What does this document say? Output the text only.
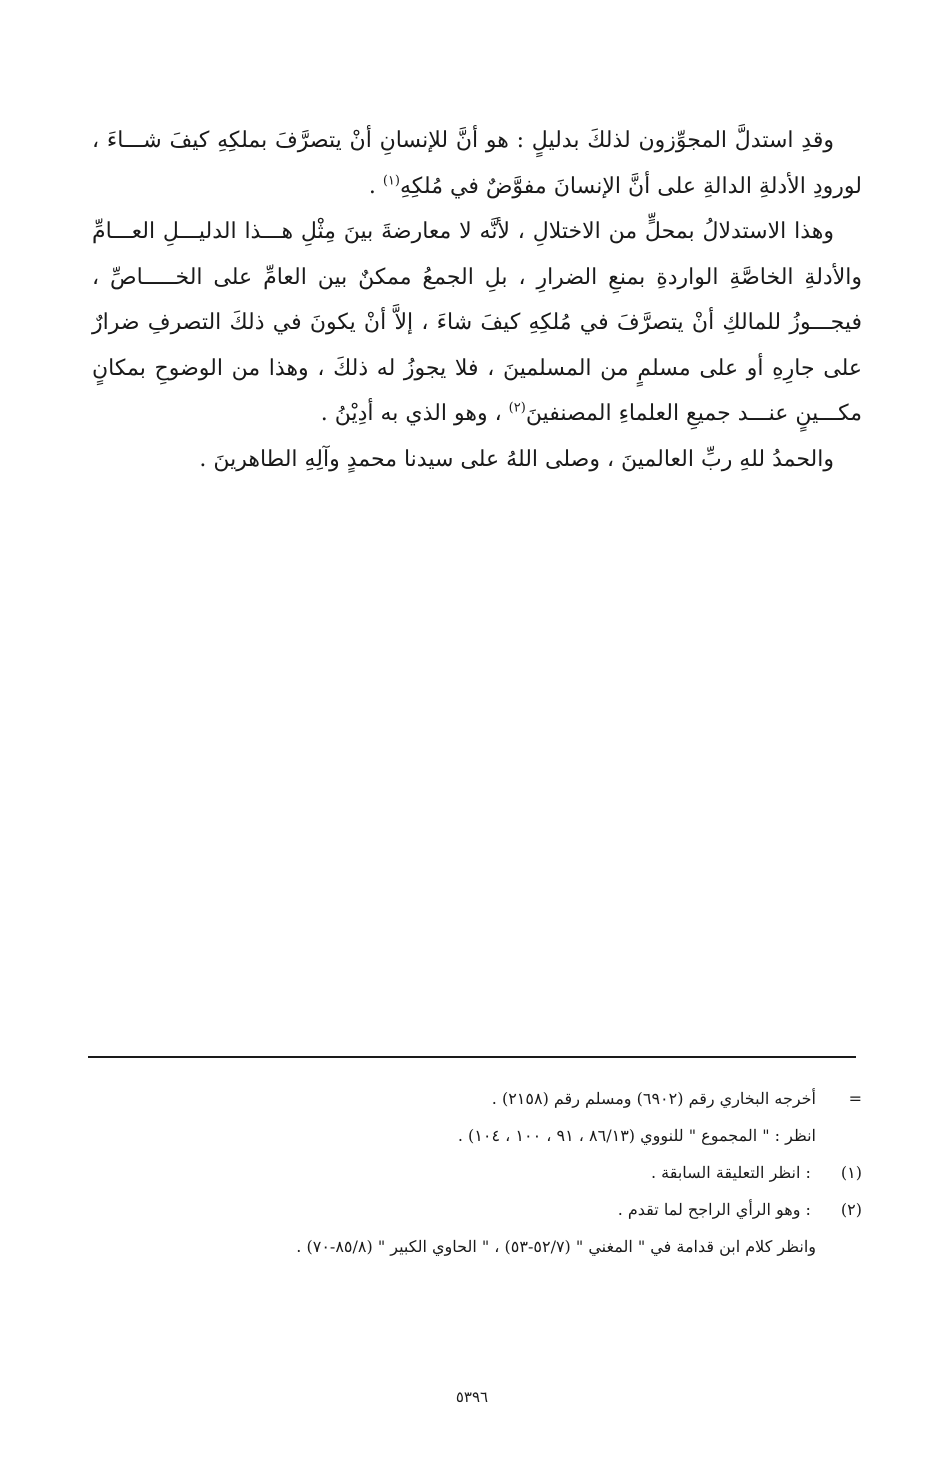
وقدِ استدلَّ المجوِّزون لذلكَ بدليلٍ : هو أنَّ للإنسانِ أنْ يتصرَّفَ بملكِهِ كيفَ شـــاءَ ، لورودِ الأدلةِ الدالةِ على أنَّ الإنسانَ مفوَّضٌ في مُلكِهِ$^{(١)}$ .

وهذا الاستدلالُ بمحلٍّ من الاختلالِ ، لأنَّه لا معارضةَ بينَ مِثْلِ هـــذا الدليـــلِ العـــامِّ والأدلةِ الخاصَّةِ الواردةِ بمنعِ الضرارِ ، بلِ الجمعُ ممكنٌ بين العامِّ على الخـــــاصِّ ، فيجـــوزُ للمالكِ أنْ يتصرَّفَ في مُلكِهِ كيفَ شاءَ ، إلاَّ أنْ يكونَ في ذلكَ التصرفِ ضرارٌ على جارِهِ أو على مسلمٍ من المسلمينَ ، فلا يجوزُ له ذلكَ ، وهذا من الوضوحِ بمكانٍ مكـــينٍ عنـــد جميعِ العلماءِ المصنفينَ$^{(٢)}$ ، وهو الذي به أدِيْنُ .

والحمدُ للهِ ربِّ العالمينَ ، وصلى اللهُ على سيدنا محمدٍ وآلِهِ الطاهرينَ .

=أخرجه البخاري رقم (٦٩٠٢) ومسلم رقم (٢١٥٨) .
انظر : " المجموع " للنووي (٨٦/١٣ ، ٩١ ، ١٠٠ ، ١٠٤) .
(١) : انظر التعليقة السابقة .
(٢) : وهو الرأي الراجح لما تقدم .
وانظر كلام ابن قدامة في " المغني " (٥٢/٧-٥٣) ، " الحاوي الكبير " (٨٥/٨-٧٠) .
٥٣٩٦
